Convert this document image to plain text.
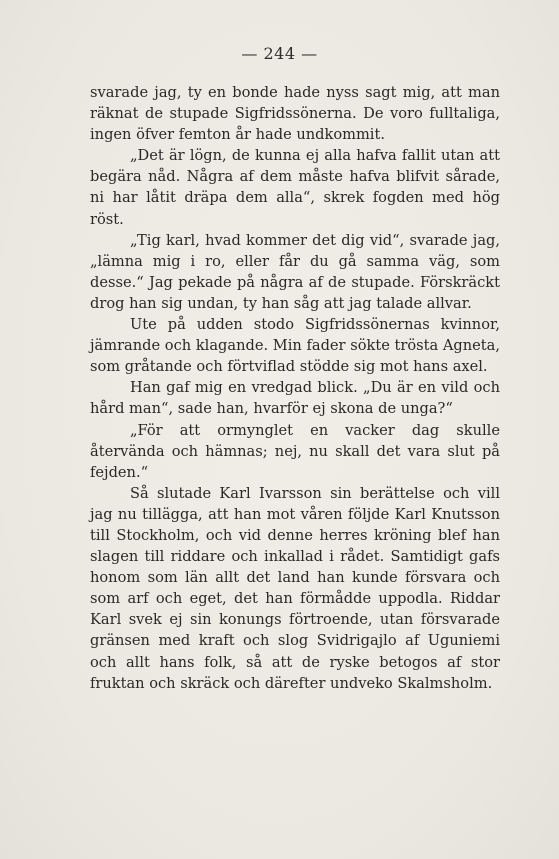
— 244 —

svarade jag, ty en bonde hade nyss sagt mig, att man räknat de stupade Sigfridssönerna. De voro fulltaliga, ingen öfver femton år hade undkommit.

„Det är lögn, de kunna ej alla hafva fallit utan att begära nåd. Några af dem måste hafva blifvit sårade, ni har låtit dräpa dem alla“, skrek fogden med hög röst.

„Tig karl, hvad kommer det dig vid“, svarade jag, „lämna mig i ro, eller får du gå samma väg, som desse.“ Jag pekade på några af de stupade. Förskräckt drog han sig undan, ty han såg att jag talade allvar.

Ute på udden stodo Sigfridssönernas kvinnor, jämrande och klagande. Min fader sökte trösta Agneta, som gråtande och förtviflad stödde sig mot hans axel.

Han gaf mig en vredgad blick. „Du är en vild och hård man“, sade han, hvarför ej skona de unga?“

„För att ormynglet en vacker dag skulle återvända och hämnas; nej, nu skall det vara slut på fejden.“

Så slutade Karl Ivarsson sin berättelse och vill jag nu tillägga, att han mot våren följde Karl Knutsson till Stockholm, och vid denne herres kröning blef han slagen till riddare och inkallad i rådet. Samtidigt gafs honom som län allt det land han kunde försvara och som arf och eget, det han förmådde uppodla. Riddar Karl svek ej sin konungs förtroende, utan försvarade gränsen med kraft och slog Svidrigajlo af Uguniemi och allt hans folk, så att de ryske betogos af stor fruktan och skräck och därefter undveko Skalmsholm.
